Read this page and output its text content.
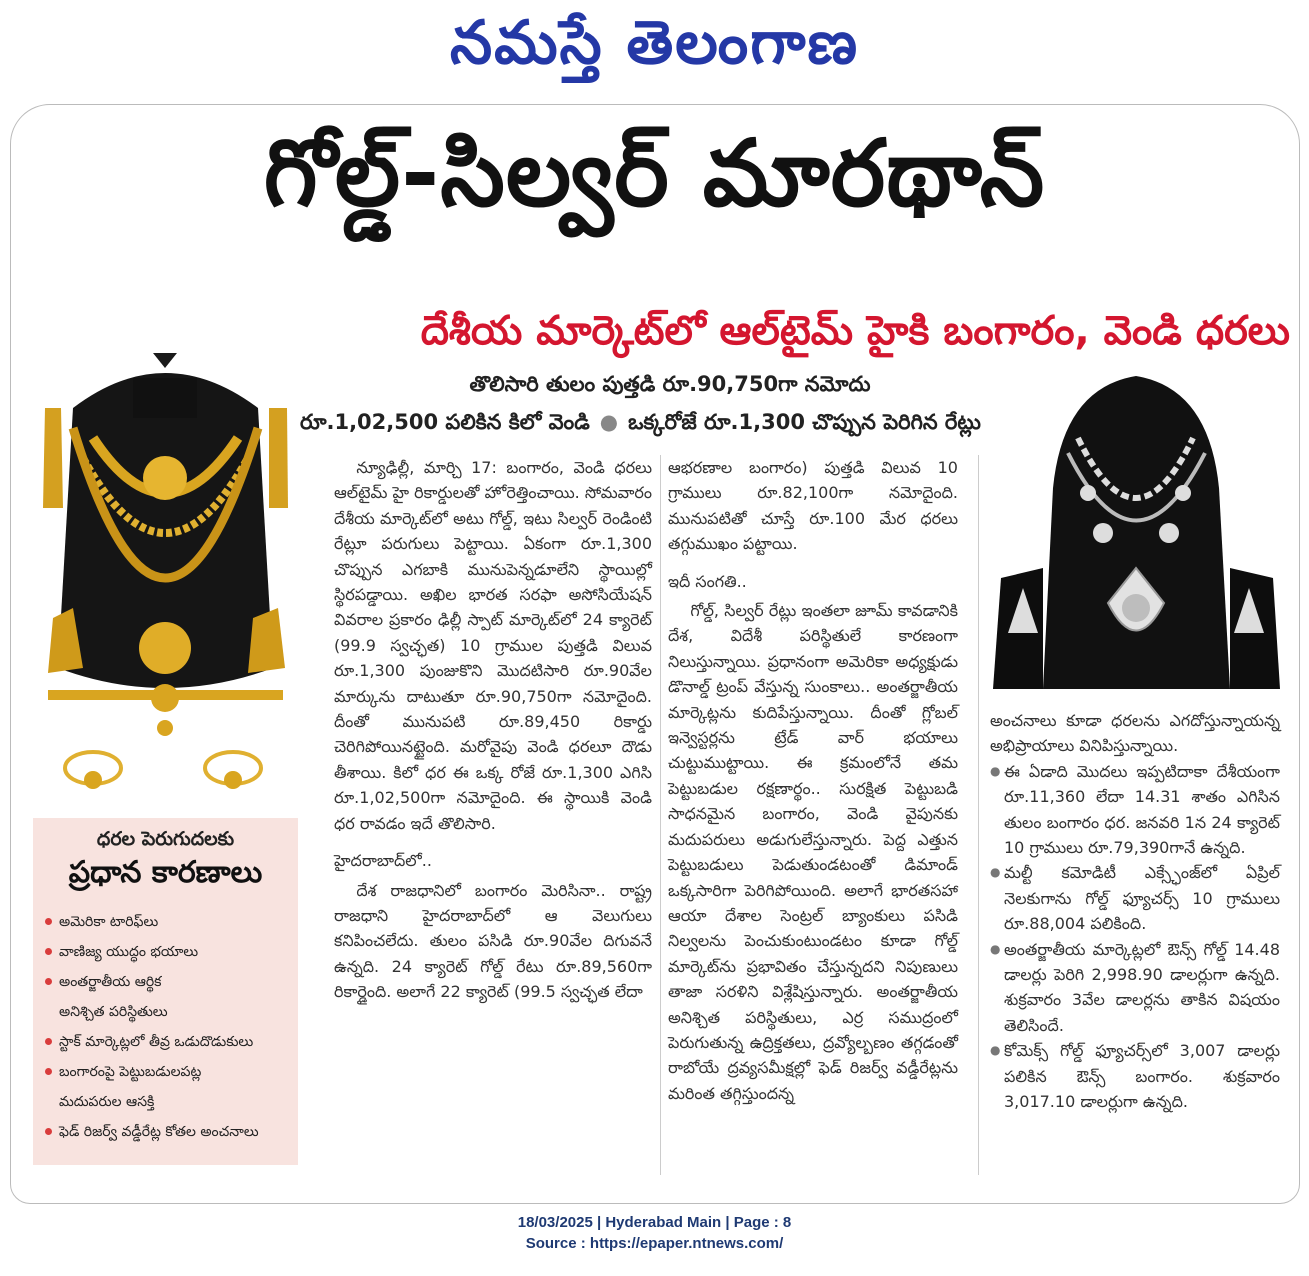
నమస్తే తెలంగాణ
గోల్డ్‌-సిల్వర్‌ మారథాన్‌
దేశీయ మార్కెట్‌లో ఆల్‌టైమ్‌ హైకి బంగారం, వెండి ధరలు
తొలిసారి తులం పుత్తడి రూ.90,750గా నమోదు
రూ.1,02,500 పలికిన కిలో వెండి ● ఒక్కరోజే రూ.1,300 చొప్పున పెరిగిన రేట్లు
ధరల పెరుగుదలకు
ప్రధాన కారణాలు
అమెరికా టారిఫ్‌లు
వాణిజ్య యుద్ధం భయాలు
అంతర్జాతీయ ఆర్థిక
అనిశ్చిత పరిస్థితులు
స్టాక్‌ మార్కెట్లలో తీవ్ర ఒడుదొడుకులు
బంగారంపై పెట్టుబడులపట్ల
మదుపరుల ఆసక్తి
ఫెడ్‌ రిజర్వ్‌ వడ్డీరేట్ల కోతల అంచనాలు

న్యూఢిల్లీ, మార్చి 17: బంగారం, వెండి ధరలు ఆల్‌టైమ్‌ హై రికార్డులతో హోరెత్తించాయి. సోమవారం దేశీయ మార్కెట్‌లో అటు గోల్డ్‌, ఇటు సిల్వర్‌ రెండింటి రేట్లూ పరుగులు పెట్టాయి. ఏకంగా రూ.1,300 చొప్పున ఎగబాకి మునుపెన్నడూలేని స్థాయిల్లో స్థిరపడ్డాయి. అఖిల భారత సరఫా అసోసియేషన్‌ వివరాల ప్రకారం ఢిల్లీ స్పాట్‌ మార్కెట్‌లో 24 క్యారెట్‌ (99.9 స్వచ్ఛత) 10 గ్రాముల పుత్తడి విలువ రూ.1,300 పుంజుకొని మొదటిసారి రూ.90వేల మార్కును దాటుతూ రూ.90,750గా నమోదైంది. దీంతో మునుపటి రూ.89,450 రికార్డు చెరిగిపోయినట్టైంది. మరోవైపు వెండి ధరలూ దౌడు తీశాయి. కిలో ధర ఈ ఒక్క రోజే రూ.1,300 ఎగిసి రూ.1,02,500గా నమోదైంది. ఈ స్థాయికి వెండి ధర రావడం ఇదే తొలిసారి.

హైదరాబాద్‌లో..

దేశ రాజధానిలో బంగారం మెరిసినా.. రాష్ట్ర రాజధాని హైదరాబాద్‌లో ఆ వెలుగులు కనిపించలేదు. తులం పసిడి రూ.90వేల దిగువనే ఉన్నది. 24 క్యారెట్‌ గోల్డ్‌ రేటు రూ.89,560గా రికార్డైంది. అలాగే 22 క్యారెట్‌ (99.5 స్వచ్ఛత లేదా

ఆభరణాల బంగారం) పుత్తడి విలువ 10 గ్రాములు రూ.82,100గా నమోదైంది. మునుపటితో చూస్తే రూ.100 మేర ధరలు తగ్గుముఖం పట్టాయి.

ఇదీ సంగతి..

గోల్డ్‌, సిల్వర్‌ రేట్లు ఇంతలా జూమ్‌ కావడానికి దేశ, విదేశీ పరిస్థితులే కారణంగా నిలుస్తున్నాయి. ప్రధానంగా అమెరికా అధ్యక్షుడు డొనాల్డ్‌ ట్రంప్‌ వేస్తున్న సుంకాలు.. అంతర్జాతీయ మార్కెట్లను కుదిపేస్తున్నాయి. దీంతో గ్లోబల్‌ ఇన్వెస్టర్లను ట్రేడ్‌ వార్‌ భయాలు చుట్టుముట్టాయి. ఈ క్రమంలోనే తమ పెట్టుబడుల రక్షణార్థం.. సురక్షిత పెట్టుబడి సాధనమైన బంగారం, వెండి వైపునకు మదుపరులు అడుగులేస్తున్నారు. పెద్ద ఎత్తున పెట్టుబడులు పెడుతుండటంతో డిమాండ్‌ ఒక్కసారిగా పెరిగిపోయింది. అలాగే భారతసహా ఆయా దేశాల సెంట్రల్‌ బ్యాంకులు పసిడి నిల్వలను పెంచుకుంటుండటం కూడా గోల్డ్‌ మార్కెట్‌ను ప్రభావితం చేస్తున్నదని నిపుణులు తాజా సరళిని విశ్లేషిస్తున్నారు. అంతర్జాతీయ అనిశ్చిత పరిస్థితులు, ఎర్ర సముద్రంలో పెరుగుతున్న ఉద్రిక్తతలు, ద్రవ్యోల్బణం తగ్గడంతో రాబోయే ద్రవ్యసమీక్షల్లో ఫెడ్‌ రిజర్వ్‌ వడ్డీరేట్లను మరింత తగ్గిస్తుందన్న

అంచనాలు కూడా ధరలను ఎగదోస్తున్నాయన్న అభిప్రాయాలు వినిపిస్తున్నాయి.

● ఈ ఏడాది మొదలు ఇప్పటిదాకా దేశీయంగా రూ.11,360 లేదా 14.31 శాతం ఎగిసిన తులం బంగారం ధర. జనవరి 1న 24 క్యారెట్‌ 10 గ్రాములు రూ.79,390గానే ఉన్నది.
● మల్టీ కమోడిటీ ఎక్స్ఛేంజ్‌లో ఏప్రిల్‌ నెలకుగాను గోల్డ్‌ ఫ్యూచర్స్‌ 10 గ్రాములు రూ.88,004 పలికింది.
● అంతర్జాతీయ మార్కెట్లలో ఔన్స్‌ గోల్డ్‌ 14.48 డాలర్లు పెరిగి 2,998.90 డాలర్లుగా ఉన్నది. శుక్రవారం 3వేల డాలర్లను తాకిన విషయం తెలిసిందే.
● కోమెక్స్‌ గోల్డ్‌ ఫ్యూచర్స్‌లో 3,007 డాలర్లు పలికిన ఔన్స్‌ బంగారం. శుక్రవారం 3,017.10 డాలర్లుగా ఉన్నది.
18/03/2025 | Hyderabad Main | Page : 8
Source : https://epaper.ntnews.com/
